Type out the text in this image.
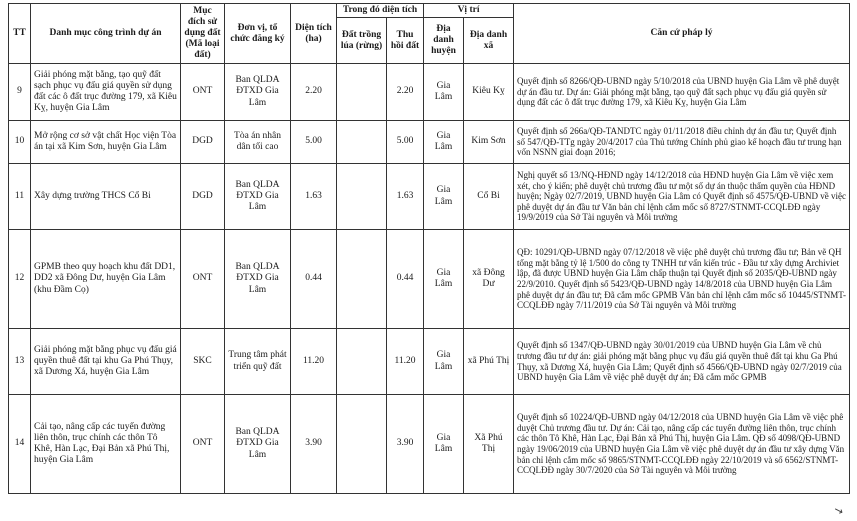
TT	Danh mục công trình dự án	Mục đích sử dụng đất (Mã loại đất)	Đơn vị, tổ chức đăng ký	Diện tích (ha)	Trong đó diện tích		Vị trí		Căn cứ pháp lý
					Đất trồng lúa (rừng)	Thu hồi đất	Địa danh huyện	Địa danh xã	
9	Giải phóng mặt bằng, tạo quỹ đất sạch phục vụ đấu giá quyền sử dụng đất các ô đất trục đường 179, xã Kiêu Kỵ, huyện Gia Lâm	ONT	Ban QLDA ĐTXD Gia Lâm	2.20		2.20	Gia Lâm	Kiêu Kỵ	Quyết định số 8266/QĐ-UBND ngày 5/10/2018 của UBND huyện Gia Lâm về phê duyệt dự án đầu tư. Dự án: Giải phóng mặt bằng, tạo quỹ đất sạch phục vụ đấu giá quyền sử dụng đất các ô đất trục đường 179, xã Kiêu Kỵ, huyện Gia Lâm
10	Mở rộng cơ sở vật chất Học viện Tòa án tại xã Kim Sơn, huyện Gia Lâm	DGD	Tòa án nhân dân tối cao	5.00		5.00	Gia Lâm	Kim Sơn	Quyết định số 266a/QĐ-TANDTC ngày 01/11/2018 điều chỉnh dự án đầu tư; Quyết định số 547/QĐ-TTg ngày 20/4/2017 của Thủ tướng Chính phủ giao kế hoạch đầu tư trung hạn vốn NSNN giai đoạn 2016;
11	Xây dựng trường THCS Cổ Bi	DGD	Ban QLDA ĐTXD Gia Lâm	1.63		1.63	Gia Lâm	Cổ Bi	Nghị quyết số 13/NQ-HĐND ngày 14/12/2018 của HĐND huyện Gia Lâm về việc xem xét, cho ý kiến; phê duyệt chủ trương đầu tư một số dự án thuộc thẩm quyền của HĐND huyện; Ngày 02/7/2019, UBND huyện Gia Lâm có Quyết định số 4575/QĐ-UBND về việc phê duyệt dự án đầu tư Văn bản chỉ lệnh cắm mốc số 8727/STNMT-CCQLĐĐ ngày 19/9/2019 của Sở Tài nguyên và Môi trường
12	GPMB theo quy hoạch khu đất DD1, DD2 xã Đông Dư, huyện Gia Lâm (khu Đầm Cọ)	ONT	Ban QLDA ĐTXD Gia Lâm	0.44		0.44	Gia Lâm	xã Đông Dư	QĐ: 10291/QĐ-UBND ngày 07/12/2018 về việc phê duyệt chủ trương đầu tư; Bản vẽ QH tổng mặt bằng tỷ lệ 1/500 do công ty TNHH tư vấn kiến trúc - Đầu tư xây dựng Archiviet lập, đã được UBND huyện Gia Lâm chấp thuận tại Quyết định số 2035/QĐ-UBND ngày 22/9/2010. Quyết định số 5423/QĐ-UBND ngày 14/8/2018 của UBND huyện Gia Lâm phê duyệt dự án đầu tư; Đã cắm mốc GPMB Văn bản chỉ lệnh cắm mốc số 10445/STNMT-CCQLĐĐ ngày 7/11/2019 của Sở Tài nguyên và Môi trường
13	Giải phóng mặt bằng phục vụ đấu giá quyền thuê đất tại khu Ga Phú Thụy, xã Dương Xá, huyện Gia Lâm	SKC	Trung tâm phát triển quỹ đất	11.20		11.20	Gia Lâm	xã Phú Thị	Quyết định số 1347/QĐ-UBND ngày 30/01/2019 của UBND huyện Gia Lâm về chủ trương đầu tư dự án: giải phóng mặt bằng phục vụ đấu giá quyền thuê đất tại khu Ga Phú Thụy, xã Dương Xá, huyện Gia Lâm; Quyết định số 4566/QĐ-UBND ngày 02/7/2019 của UBND huyện Gia Lâm về việc phê duyệt dự án; Đã cắm mốc GPMB
14	Cải tạo, nâng cấp các tuyến đường liên thôn, trục chính các thôn Tô Khê, Hàn Lạc, Đại Bản xã Phú Thị, huyện Gia Lâm	ONT	Ban QLDA ĐTXD Gia Lâm	3.90		3.90	Gia Lâm	Xã Phú Thị	Quyết định số 10224/QĐ-UBND ngày 04/12/2018 của UBND huyện Gia Lâm về việc phê duyệt Chủ trương đầu tư. Dự án: Cải tạo, nâng cấp các tuyến đường liên thôn, trục chính các thôn Tô Khê, Hàn Lạc, Đại Bản xã Phú Thị, huyện Gia Lâm. QĐ số 4098/QĐ-UBND ngày 19/06/2019 của UBND huyện Gia Lâm về việc phê duyệt dự án đầu tư xây dựng Văn bản chỉ lệnh cắm mốc số 9865/STNMT-CCQLĐĐ ngày 22/10/2019 và số 6562/STNMT-CCQLĐĐ ngày 30/7/2020 của Sở Tài nguyên và Môi trường
↘
